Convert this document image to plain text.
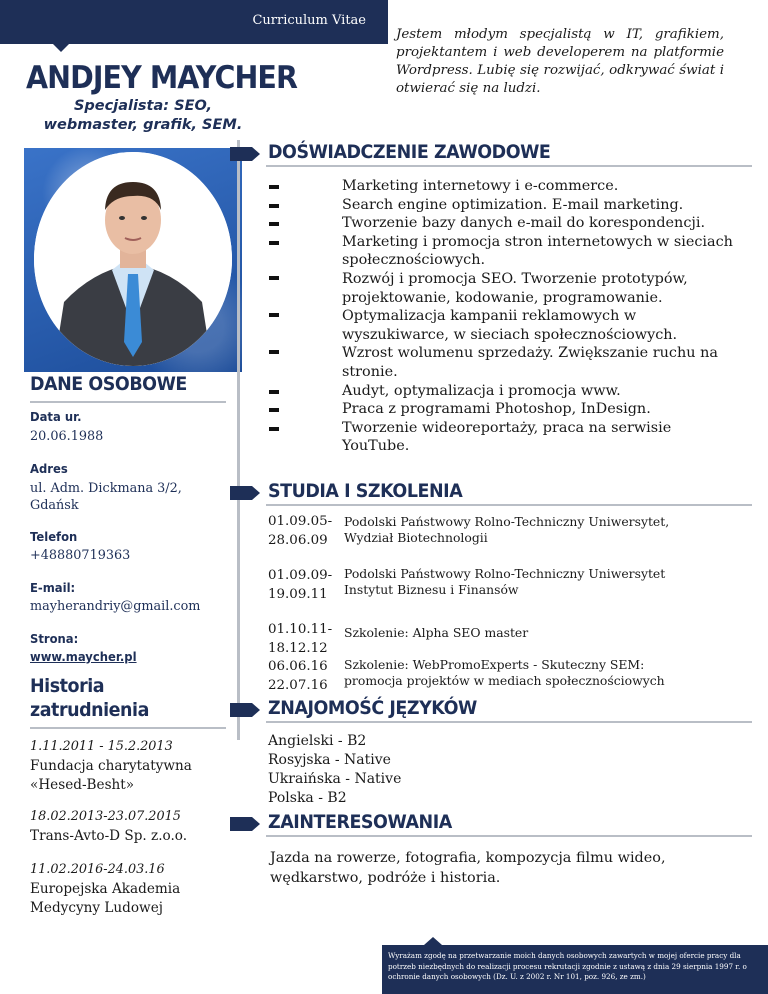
Curriculum Vitae

Jestem młodym specjalistą w IT, grafikiem, projektantem i web developerem na platformie Wordpress. Lubię się rozwijać, odkrywać świat i otwierać się na ludzi.

ANDJEY MAYCHER

Specjalista: SEO, webmaster, grafik, SEM.

DOŚWIADCZENIE ZAWODOWE
Marketing internetowy i e-commerce.
Search engine optimization. E-mail marketing.
Tworzenie bazy danych e-mail do korespondencji.
Marketing i promocja stron internetowych w sieciach społecznościowych.
Rozwój i promocja SEO. Tworzenie prototypów, projektowanie, kodowanie, programowanie.
Optymalizacja kampanii reklamowych w wyszukiwarce, w sieciach społecznościowych.
Wzrost wolumenu sprzedaży. Zwiększanie ruchu na stronie.
Audyt, optymalizacja i promocja www.
Praca z programami Photoshop, InDesign.
Tworzenie wideoreportaży, praca na serwisie YouTube.
STUDIA I SZKOLENIA
01.09.05-
28.06.09
Podolski Państwowy Rolno-Techniczny Uniwersytet,
Wydział Biotechnologii
01.09.09-
19.09.11
Podolski Państwowy Rolno-Techniczny Uniwersytet
Instytut Biznesu i Finansów
01.10.11-
18.12.12
06.06.16
22.07.16
Szkolenie: Alpha SEO master
Szkolenie: WebPromoExperts - Skuteczny SEM:
promocja projektów w mediach społecznościowych
ZNAJOMOŚĆ JĘZYKÓW
Angielski - B2
Rosyjska - Native
Ukraińska - Native
Polska - B2
ZAINTERESOWANIA

Jazda na rowerze, fotografia, kompozycja filmu wideo, wędkarstwo, podróże i historia.

DANE OSOBOWE
Data ur.
20.06.1988
Adres
ul. Adm. Dickmana 3/2,
Gdańsk
Telefon
+48880719363
E-mail:
mayherandriy@gmail.com
Strona:
www.maycher.pl
Historia zatrudnienia
1.11.2011 - 15.2.2013
Fundacja charytatywna
«Hesed-Besht»
18.02.2013-23.07.2015
Trans-Avto-D Sp. z.o.o.
11.02.2016-24.03.16
Europejska Akademia
Medycyny Ludowej

Wyrażam zgodę na przetwarzanie moich danych osobowych zawartych w mojej ofercie pracy dla potrzeb niezbędnych do realizacji procesu rekrutacji zgodnie z ustawą z dnia 29 sierpnia 1997 r. o ochronie danych osobowych (Dz. U. z 2002 r. Nr 101, poz. 926, ze zm.)
